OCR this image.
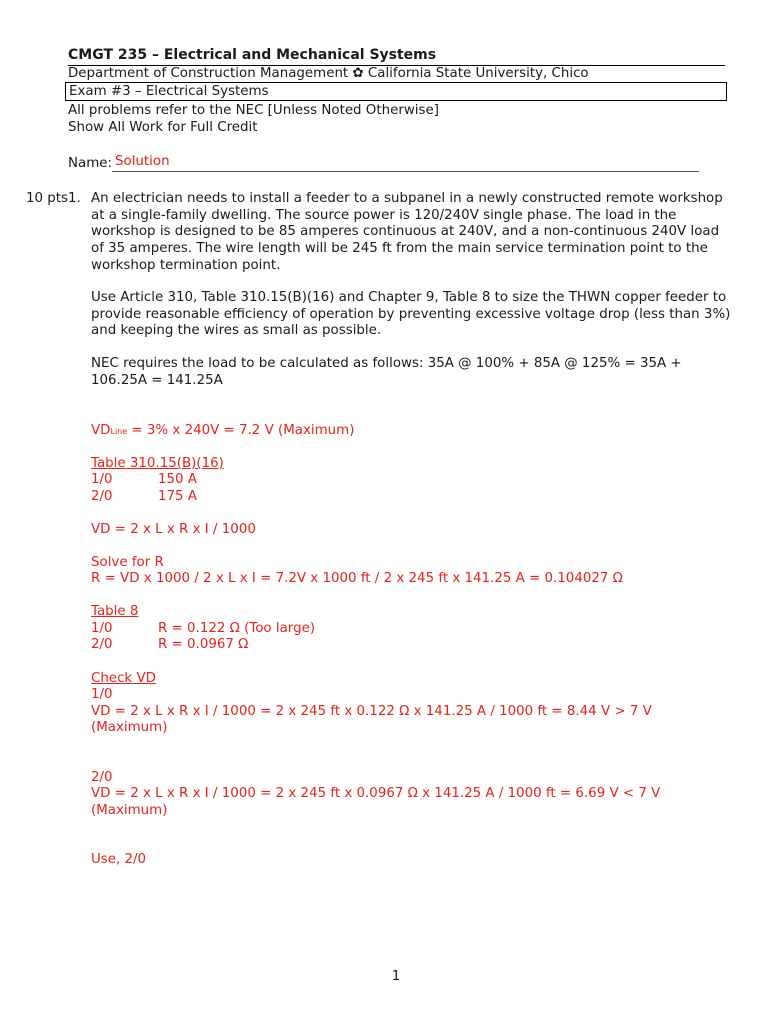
CMGT 235 – Electrical and Mechanical Systems
Department of Construction Management ✿ California State University, Chico
Exam #3 – Electrical Systems
All problems refer to the NEC [Unless Noted Otherwise]
Show All Work for Full Credit
Name: Solution
10 pts 1. An electrician needs to install a feeder to a subpanel in a newly constructed remote workshop at a single-family dwelling. The source power is 120/240V single phase. The load in the workshop is designed to be 85 amperes continuous at 240V, and a non-continuous 240V load of 35 amperes. The wire length will be 245 ft from the main service termination point to the workshop termination point.
Use Article 310, Table 310.15(B)(16) and Chapter 9, Table 8 to size the THWN copper feeder to provide reasonable efficiency of operation by preventing excessive voltage drop (less than 3%) and keeping the wires as small as possible.
NEC requires the load to be calculated as follows: 35A @ 100% + 85A @ 125% = 35A + 106.25A = 141.25A
VDLine = 3% x 240V = 7.2 V (Maximum)
Table 310.15(B)(16)
1/0	150 A
2/0	175 A
VD = 2 x L x R x I / 1000
Solve for R
R = VD x 1000 / 2 x L x I = 7.2V x 1000 ft / 2 x 245 ft x 141.25 A = 0.104027 Ω
Table 8
1/0	R = 0.122 Ω (Too large)
2/0	R = 0.0967 Ω
Check VD
1/0
VD = 2 x L x R x I / 1000 = 2 x 245 ft x 0.122 Ω x 141.25 A / 1000 ft = 8.44 V > 7 V
(Maximum)
2/0
VD = 2 x L x R x I / 1000 = 2 x 245 ft x 0.0967 Ω x 141.25 A / 1000 ft = 6.69 V < 7 V
(Maximum)
Use, 2/0
1
